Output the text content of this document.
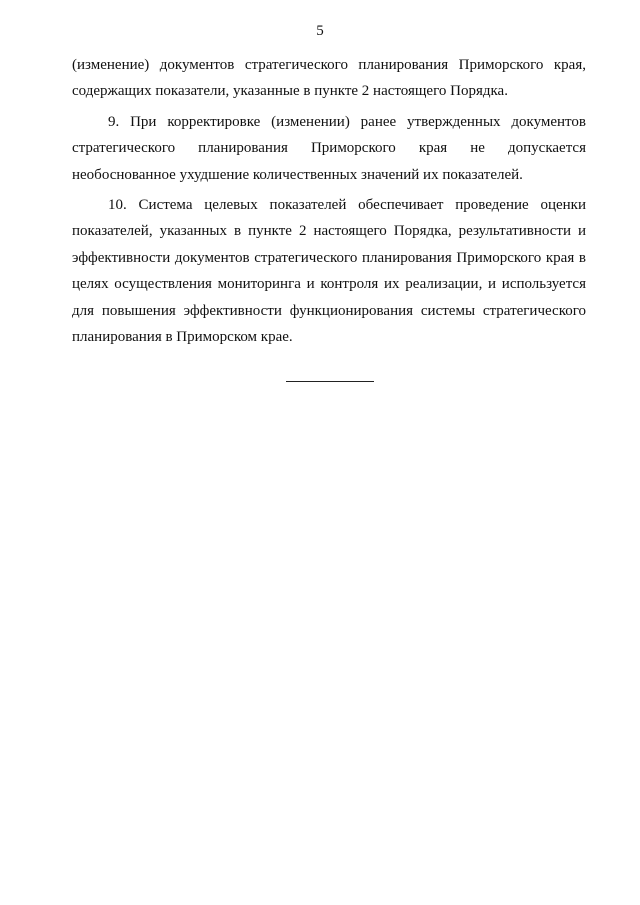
5
(изменение) документов стратегического планирования Приморского края,
содержащих показатели, указанные в пункте 2 настоящего Порядка.
9. При корректировке (изменении) ранее утвержденных документов
стратегического планирования Приморского края не допускается
необоснованное ухудшение количественных значений их показателей.
10. Система целевых показателей обеспечивает проведение оценки
показателей, указанных в пункте 2 настоящего Порядка, результативности и
эффективности документов стратегического планирования Приморского края в
целях осуществления мониторинга и контроля их реализации, и используется
для повышения эффективности функционирования системы стратегического
планирования в Приморском крае.
